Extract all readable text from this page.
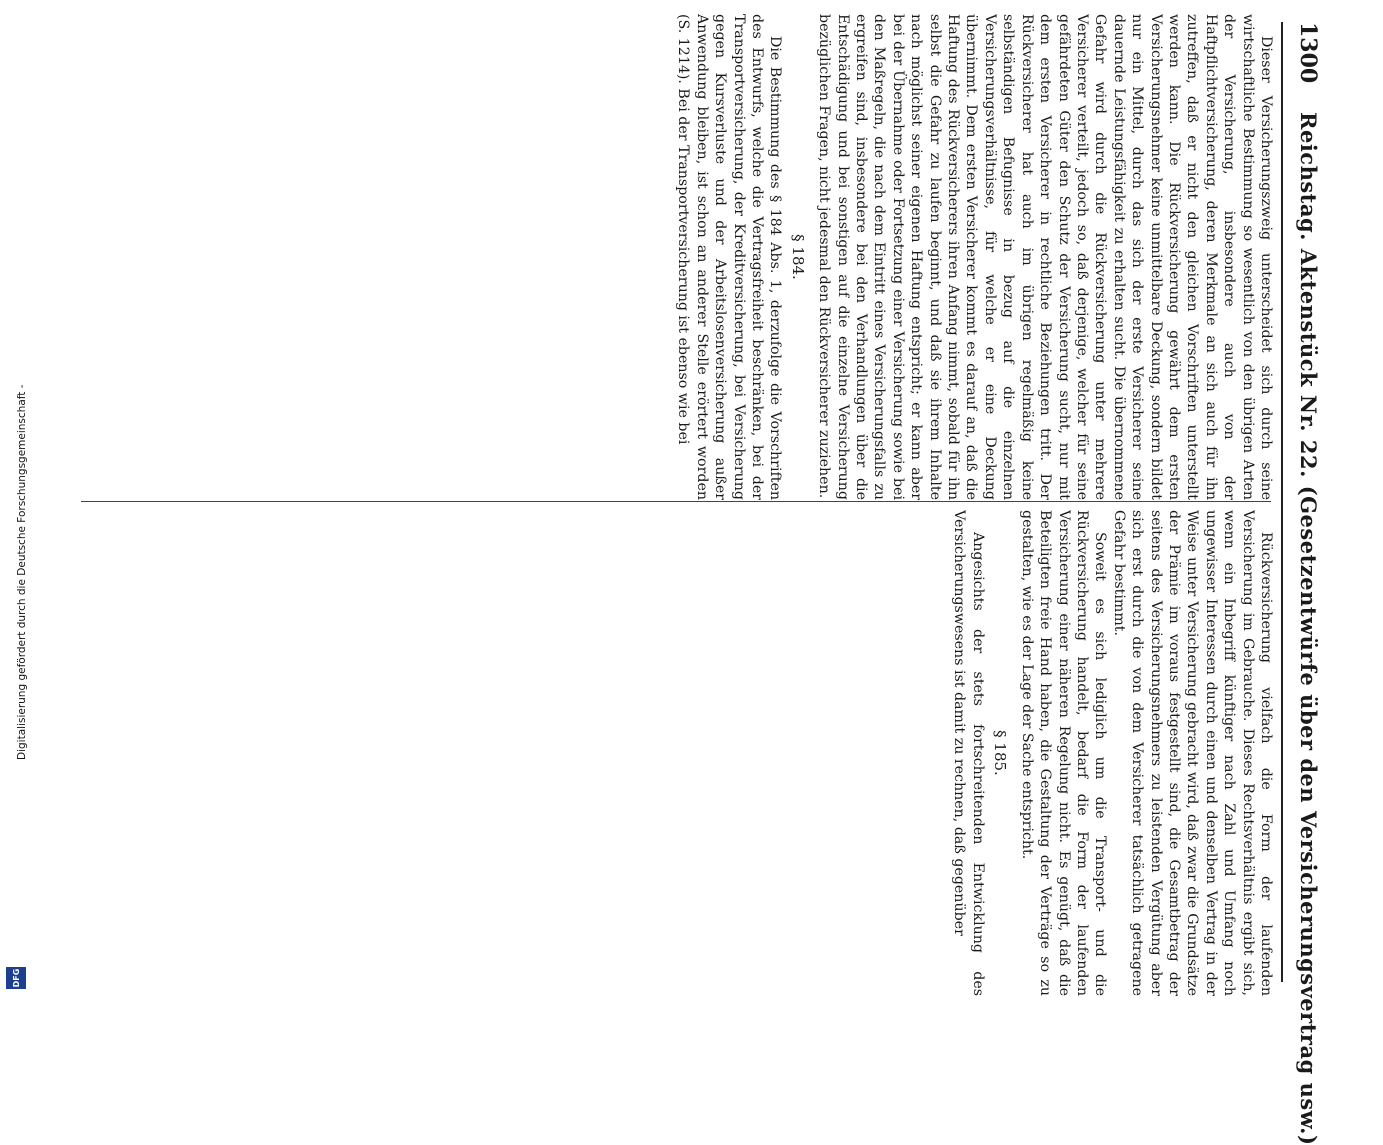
1300
Reichstag. Aktenstück Nr. 22. (Gesetzentwürfe über den Versicherungsvertrag usw.)

Dieser Versicherungszweig unterscheidet sich durch seine wirtschaftliche Bestimmung so wesentlich von den übrigen Arten der Versicherung, insbesondere auch von der Haftpflichtversicherung, deren Merkmale an sich auch für ihn zutreffen, daß er nicht den gleichen Vorschriften unterstellt werden kann. Die Rückversicherung gewährt dem ersten Versicherungsnehmer keine unmittelbare Deckung, sondern bildet nur ein Mittel, durch das sich der erste Versicherer seine dauernde Leistungsfähigkeit zu erhalten sucht. Die übernommene Gefahr wird durch die Rückversicherung unter mehrere Versicherer verteilt, jedoch so, daß derjenige, welcher für seine gefährdeten Güter den Schutz der Versicherung sucht, nur mit dem ersten Versicherer in rechtliche Beziehungen tritt. Der Rückversicherer hat auch im übrigen regelmäßig keine selbständigen Befugnisse in bezug auf die einzelnen Versicherungsverhältnisse, für welche er eine Deckung übernimmt. Dem ersten Versicherer kommt es darauf an, daß die Haftung des Rückversicherers ihren Anfang nimmt, sobald für ihn selbst die Gefahr zu laufen beginnt, und daß sie ihrem Inhalte nach möglichst seiner eigenen Haftung entspricht; er kann aber bei der Übernahme oder Fortsetzung einer Versicherung sowie bei den Maßregeln, die nach dem Eintritt eines Versicherungsfalls zu ergreifen sind, insbesondere bei den Verhandlungen über die Entschädigung und bei sonstigen auf die einzelne Versicherung bezüglichen Fragen, nicht jedesmal den Rückversicherer zuziehen.

§ 184.

Die Bestimmung des § 184 Abs. 1, derzufolge die Vorschriften des Entwurfs, welche die Vertragsfreiheit beschränken, bei der Transportversicherung, der Kreditversicherung, bei Versicherung gegen Kursverluste und der Arbeitslosenversicherung außer Anwendung bleiben, ist schon an anderer Stelle erörtert worden (S. 1214). Bei der Transportversicherung ist ebenso wie bei

Rückversicherung vielfach die Form der laufenden Versicherung im Gebrauche. Dieses Rechtsverhältnis ergibt sich, wenn ein Inbegriff künftiger nach Zahl und Umfang noch ungewisser Interessen durch einen und denselben Vertrag in der Weise unter Versicherung gebracht wird, daß zwar die Grundsätze der Prämie im voraus festgestellt sind, die Gesamtbetrag der seitens des Versicherungsnehmers zu leistenden Vergütung aber sich erst durch die von dem Versicherer tatsächlich getragene Gefahr bestimmt.

Soweit es sich lediglich um die Transport- und die Rückversicherung handelt, bedarf die Form der laufenden Versicherung einer näheren Regelung nicht. Es genügt, daß die Beteiligten freie Hand haben, die Gestaltung der Verträge so zu gestalten, wie es der Lage der Sache entspricht.

§ 185.

Angesichts der stets fortschreitenden Entwicklung des Versicherungswesens ist damit zu rechnen, daß gegenüber

Digitalisierung gefördert durch die Deutsche Forschungsgemeinschaft -
DFG
